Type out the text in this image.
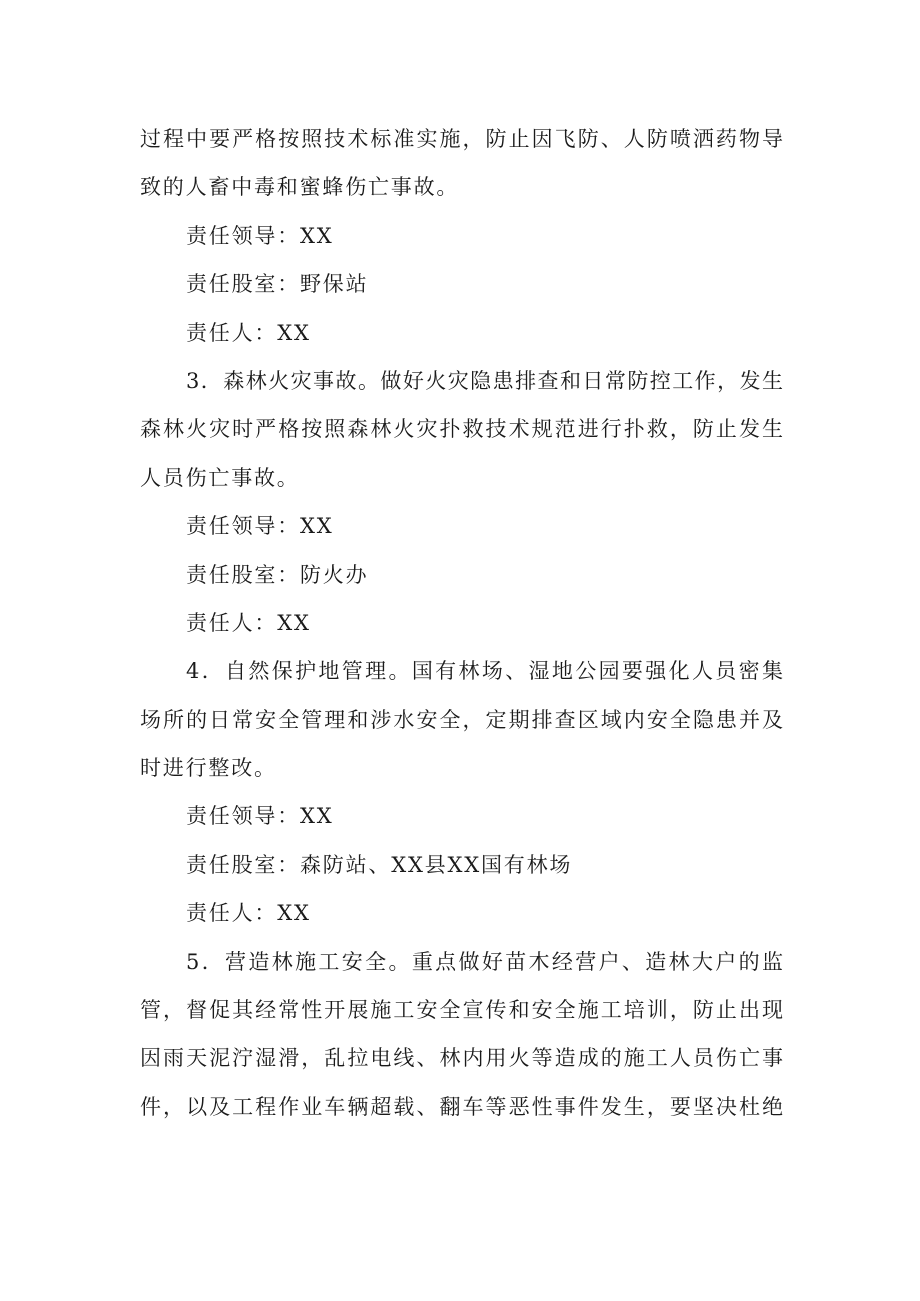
过程中要严格按照技术标准实施，防止因飞防、人防喷洒药物导

致的人畜中毒和蜜蜂伤亡事故。

责任领导：XX

责任股室：野保站

责任人：XX

3．森林火灾事故。做好火灾隐患排查和日常防控工作，发生

森林火灾时严格按照森林火灾扑救技术规范进行扑救，防止发生

人员伤亡事故。

责任领导：XX

责任股室：防火办

责任人：XX

4．自然保护地管理。国有林场、湿地公园要强化人员密集

场所的日常安全管理和涉水安全，定期排查区域内安全隐患并及

时进行整改。

责任领导：XX

责任股室：森防站、XX县XX国有林场

责任人：XX

5．营造林施工安全。重点做好苗木经营户、造林大户的监

管，督促其经常性开展施工安全宣传和安全施工培训，防止出现

因雨天泥泞湿滑，乱拉电线、林内用火等造成的施工人员伤亡事

件，以及工程作业车辆超载、翻车等恶性事件发生，要坚决杜绝
